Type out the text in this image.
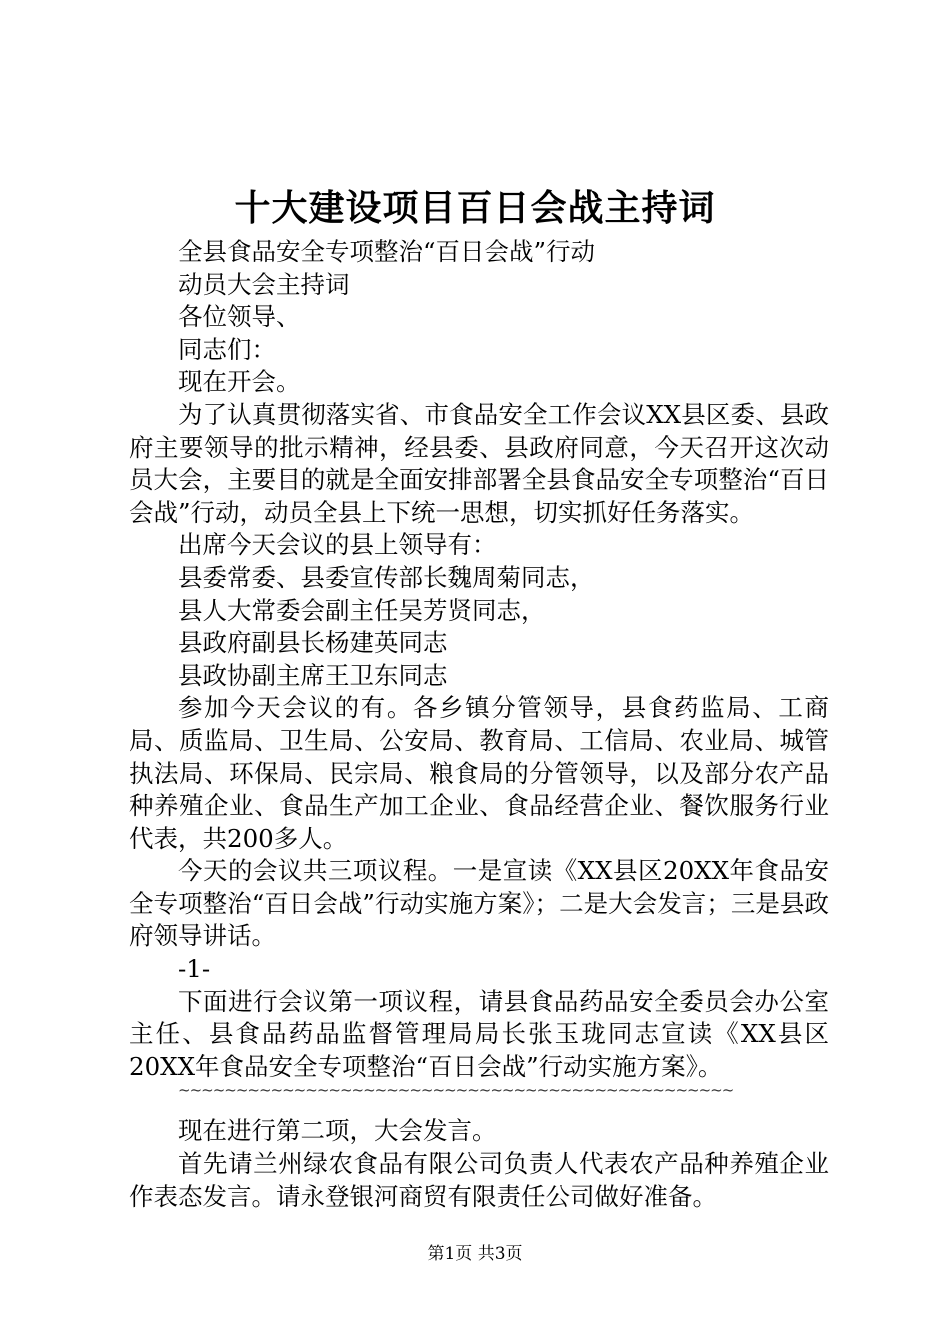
十大建设项目百日会战主持词

全县食品安全专项整治“百日会战”行动

动员大会主持词

各位领导、

同志们：

现在开会。

为了认真贯彻落实省、市食品安全工作会议XX县区委、县政府主要领导的批示精神，经县委、县政府同意，今天召开这次动员大会，主要目的就是全面安排部署全县食品安全专项整治“百日会战”行动，动员全县上下统一思想，切实抓好任务落实。

出席今天会议的县上领导有：

县委常委、县委宣传部长魏周菊同志，

县人大常委会副主任吴芳贤同志，

县政府副县长杨建英同志

县政协副主席王卫东同志

参加今天会议的有。各乡镇分管领导，县食药监局、工商局、质监局、卫生局、公安局、教育局、工信局、农业局、城管执法局、环保局、民宗局、粮食局的分管领导，以及部分农产品种养殖企业、食品生产加工企业、食品经营企业、餐饮服务行业代表，共200多人。

今天的会议共三项议程。一是宣读《XX县区20XX年食品安全专项整治“百日会战”行动实施方案》；二是大会发言；三是县政府领导讲话。

-1-

下面进行会议第一项议程，请县食品药品安全委员会办公室主任、县食品药品监督管理局局长张玉珑同志宣读《XX县区20XX年食品安全专项整治“百日会战”行动实施方案》。

~~~~~~~~~~~~~~~~~~~~~~~~~~~~~~~~~~~~~~~~~~~~~~~~

现在进行第二项，大会发言。

首先请兰州绿农食品有限公司负责人代表农产品种养殖企业作表态发言。请永登银河商贸有限责任公司做好准备。

第1页 共3页
